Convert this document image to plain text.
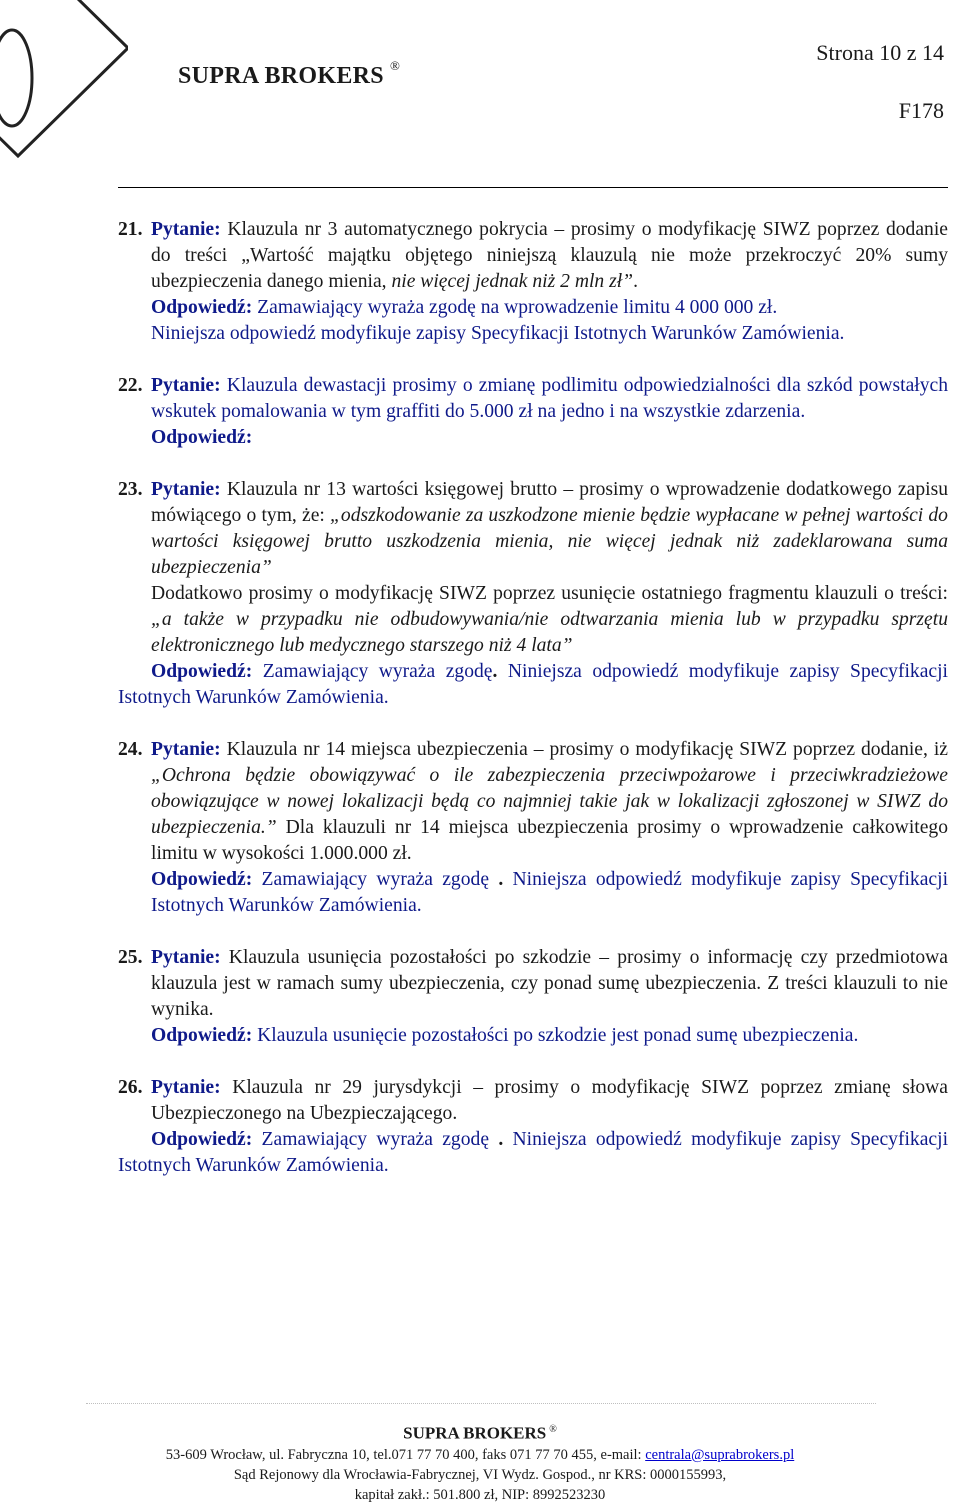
SUPRA BROKERS ®
Strona 10 z 14
F178
21. Pytanie: Klauzula nr 3 automatycznego pokrycia – prosimy o modyfikację SIWZ poprzez dodanie do treści „Wartość majątku objętego niniejszą klauzulą nie może przekroczyć 20% sumy ubezpieczenia danego mienia, nie więcej jednak niż 2 mln zł”.

Odpowiedź: Zamawiający wyraża zgodę na wprowadzenie limitu 4 000 000 zł.

Niniejsza odpowiedź modyfikuje zapisy Specyfikacji Istotnych Warunków Zamówienia.

22. Pytanie: Klauzula dewastacji prosimy o zmianę podlimitu odpowiedzialności dla szkód powstałych wskutek pomalowania w tym graffiti do 5.000 zł na jedno i na wszystkie zdarzenia.

Odpowiedź:

23. Pytanie: Klauzula nr 13 wartości księgowej brutto – prosimy o wprowadzenie dodatkowego zapisu mówiącego o tym, że: „odszkodowanie za uszkodzone mienie będzie wypłacane w pełnej wartości do wartości księgowej brutto uszkodzenia mienia, nie więcej jednak niż zadeklarowana suma ubezpieczenia”

Dodatkowo prosimy o modyfikację SIWZ poprzez usunięcie ostatniego fragmentu klauzuli o treści: „a także w przypadku nie odbudowywania/nie odtwarzania mienia lub w przypadku sprzętu elektronicznego lub medycznego starszego niż 4 lata”

Odpowiedź: Zamawiający wyraża zgodę. Niniejsza odpowiedź modyfikuje zapisy Specyfikacji Istotnych Warunków Zamówienia.

24. Pytanie: Klauzula nr 14 miejsca ubezpieczenia – prosimy o modyfikację SIWZ poprzez dodanie, iż „Ochrona będzie obowiązywać o ile zabezpieczenia przeciwpożarowe i przeciwkradzieżowe obowiązujące w nowej lokalizacji będą co najmniej takie jak w lokalizacji zgłoszonej w SIWZ do ubezpieczenia.” Dla klauzuli nr 14 miejsca ubezpieczenia prosimy o wprowadzenie całkowitego limitu w wysokości 1.000.000 zł.

Odpowiedź: Zamawiający wyraża zgodę . Niniejsza odpowiedź modyfikuje zapisy Specyfikacji Istotnych Warunków Zamówienia.

25. Pytanie: Klauzula usunięcia pozostałości po szkodzie – prosimy o informację czy przedmiotowa klauzula jest w ramach sumy ubezpieczenia, czy ponad sumę ubezpieczenia. Z treści klauzuli to nie wynika.

Odpowiedź: Klauzula usunięcie pozostałości po szkodzie jest ponad sumę ubezpieczenia.

26. Pytanie: Klauzula nr 29 jurysdykcji – prosimy o modyfikację SIWZ poprzez zmianę słowa Ubezpieczonego na Ubezpieczającego.

Odpowiedź: Zamawiający wyraża zgodę . Niniejsza odpowiedź modyfikuje zapisy Specyfikacji Istotnych Warunków Zamówienia.

SUPRA BROKERS ®
53-609 Wrocław, ul. Fabryczna 10, tel.071 77 70 400, faks 071 77 70 455, e-mail: centrala@suprabrokers.pl
Sąd Rejonowy dla Wrocławia-Fabrycznej, VI Wydz. Gospod., nr KRS: 0000155993,
kapitał zakł.: 501.800 zł, NIP: 8992523230
